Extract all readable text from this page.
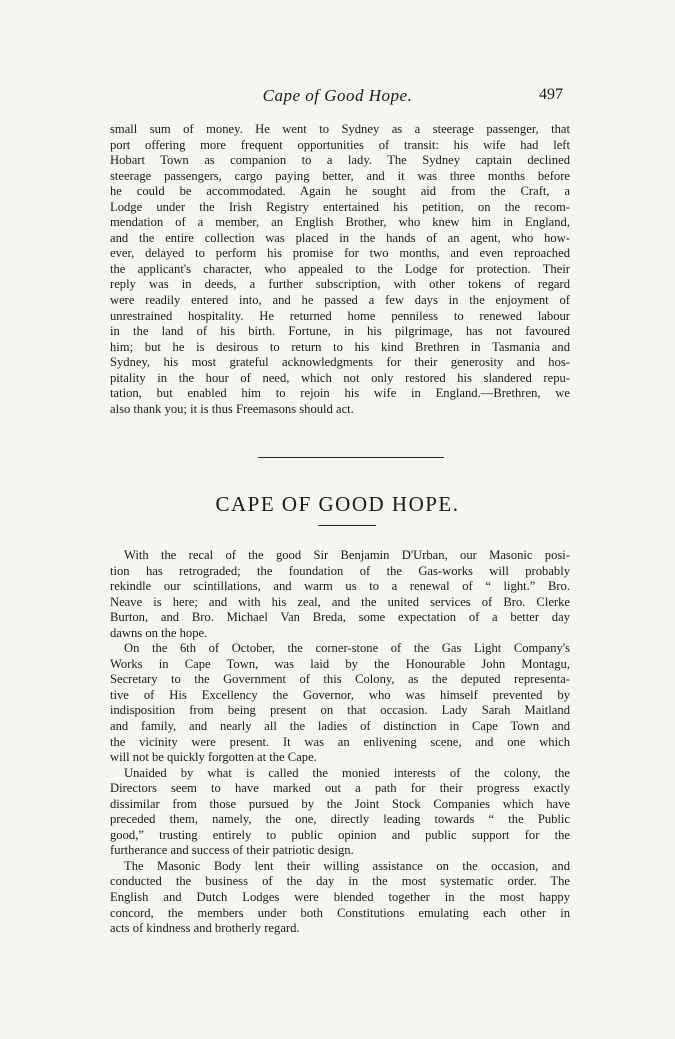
Cape of Good Hope.	497
small sum of money. He went to Sydney as a steerage passenger, that
port offering more frequent opportunities of transit: his wife had left
Hobart Town as companion to a lady. The Sydney captain declined
steerage passengers, cargo paying better, and it was three months before
he could be accommodated. Again he sought aid from the Craft, a
Lodge under the Irish Registry entertained his petition, on the recom-
mendation of a member, an English Brother, who knew him in England,
and the entire collection was placed in the hands of an agent, who how-
ever, delayed to perform his promise for two months, and even reproached
the applicant's character, who appealed to the Lodge for protection. Their
reply was in deeds, a further subscription, with other tokens of regard
were readily entered into, and he passed a few days in the enjoyment of
unrestrained hospitality. He returned home penniless to renewed labour
in the land of his birth. Fortune, in his pilgrimage, has not favoured
him; but he is desirous to return to his kind Brethren in Tasmania and
Sydney, his most grateful acknowledgments for their generosity and hos-
pitality in the hour of need, which not only restored his slandered repu-
tation, but enabled him to rejoin his wife in England.—Brethren, we
also thank you; it is thus Freemasons should act.
CAPE OF GOOD HOPE.
With the recal of the good Sir Benjamin D'Urban, our Masonic posi-
tion has retrograded; the foundation of the Gas-works will probably
rekindle our scintillations, and warm us to a renewal of “ light.” Bro.
Neave is here; and with his zeal, and the united services of Bro. Clerke
Burton, and Bro. Michael Van Breda, some expectation of a better day
dawns on the hope.
On the 6th of October, the corner-stone of the Gas Light Company's
Works in Cape Town, was laid by the Honourable John Montagu,
Secretary to the Government of this Colony, as the deputed representa-
tive of His Excellency the Governor, who was himself prevented by
indisposition from being present on that occasion. Lady Sarah Maitland
and family, and nearly all the ladies of distinction in Cape Town and
the vicinity were present. It was an enlivening scene, and one which
will not be quickly forgotten at the Cape.
Unaided by what is called the monied interests of the colony, the
Directors seem to have marked out a path for their progress exactly
dissimilar from those pursued by the Joint Stock Companies which have
preceded them, namely, the one, directly leading towards “ the Public
good,” trusting entirely to public opinion and public support for the
furtherance and success of their patriotic design.
The Masonic Body lent their willing assistance on the occasion, and
conducted the business of the day in the most systematic order. The
English and Dutch Lodges were blended together in the most happy
concord, the members under both Constitutions emulating each other in
acts of kindness and brotherly regard.
